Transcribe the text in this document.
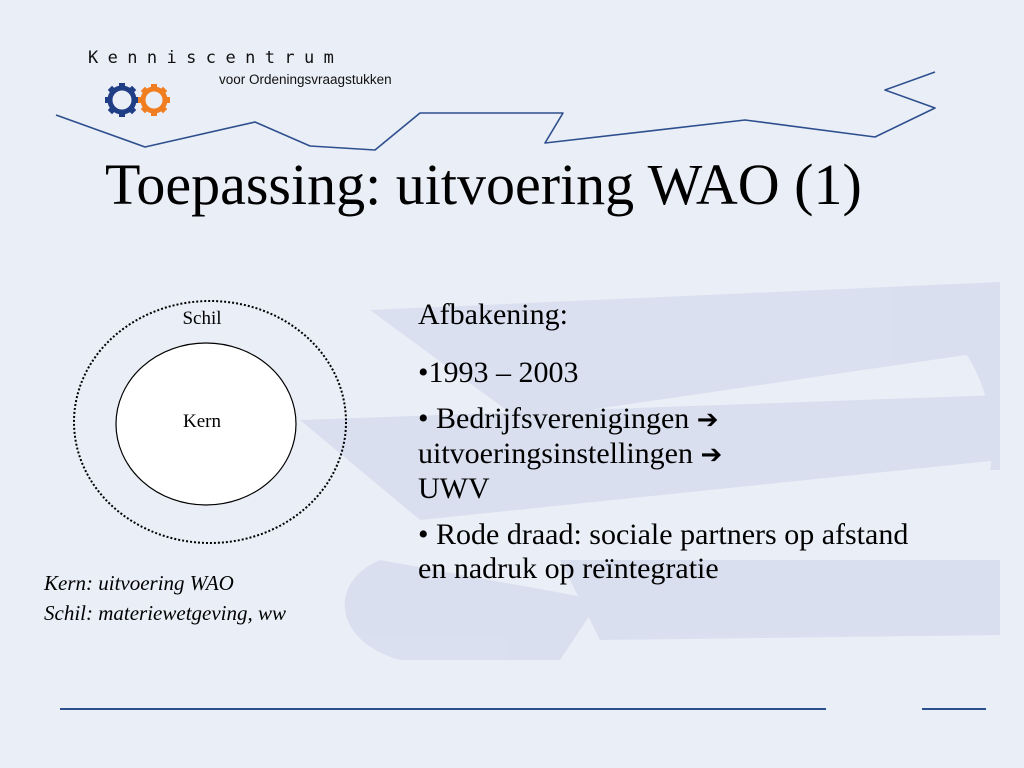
Kenniscentrum
voor Ordeningsvraagstukken
Toepassing: uitvoering WAO (1)
Schil
Kern
Kern: uitvoering WAO
Schil: materiewetgeving, ww
Afbakening:
•1993 – 2003
• Bedrijfsverenigingen ➔
uitvoeringsinstellingen ➔
UWV
• Rode draad: sociale partners op afstand en nadruk op reïntegratie
